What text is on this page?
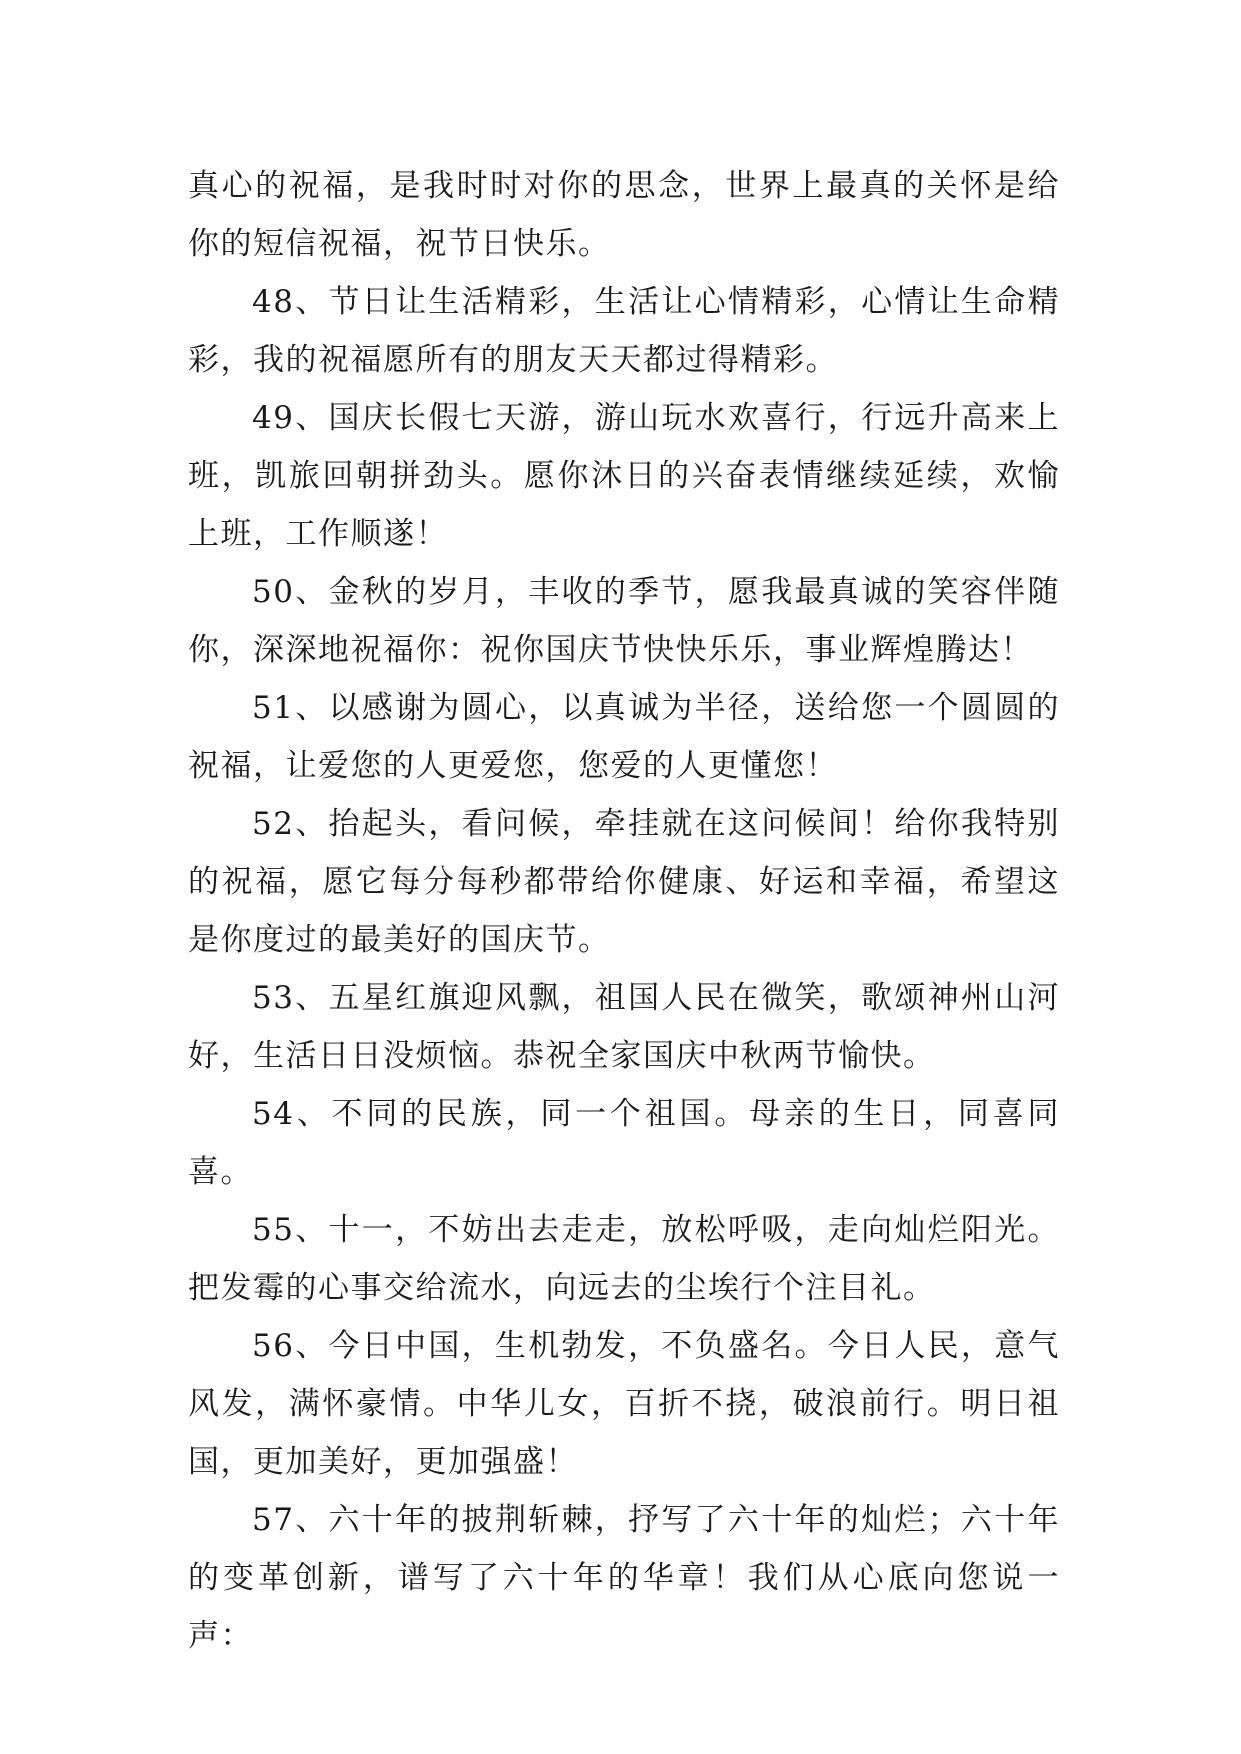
真心的祝福，是我时时对你的思念，世界上最真的关怀是给你的短信祝福，祝节日快乐。

48、节日让生活精彩，生活让心情精彩，心情让生命精彩，我的祝福愿所有的朋友天天都过得精彩。

49、国庆长假七天游，游山玩水欢喜行，行远升高来上班，凯旅回朝拼劲头。愿你沐日的兴奋表情继续延续，欢愉上班，工作顺遂！

50、金秋的岁月，丰收的季节，愿我最真诚的笑容伴随你，深深地祝福你：祝你国庆节快快乐乐，事业辉煌腾达！

51、以感谢为圆心，以真诚为半径，送给您一个圆圆的祝福，让爱您的人更爱您，您爱的人更懂您！

52、抬起头，看问候，牵挂就在这问候间！给你我特别的祝福，愿它每分每秒都带给你健康、好运和幸福，希望这是你度过的最美好的国庆节。

53、五星红旗迎风飘，祖国人民在微笑，歌颂神州山河好，生活日日没烦恼。恭祝全家国庆中秋两节愉快。

54、不同的民族，同一个祖国。母亲的生日，同喜同喜。

55、十一，不妨出去走走，放松呼吸，走向灿烂阳光。把发霉的心事交给流水，向远去的尘埃行个注目礼。

56、今日中国，生机勃发，不负盛名。今日人民，意气风发，满怀豪情。中华儿女，百折不挠，破浪前行。明日祖国，更加美好，更加强盛！

57、六十年的披荆斩棘，抒写了六十年的灿烂；六十年的变革创新，谱写了六十年的华章！我们从心底向您说一声：
